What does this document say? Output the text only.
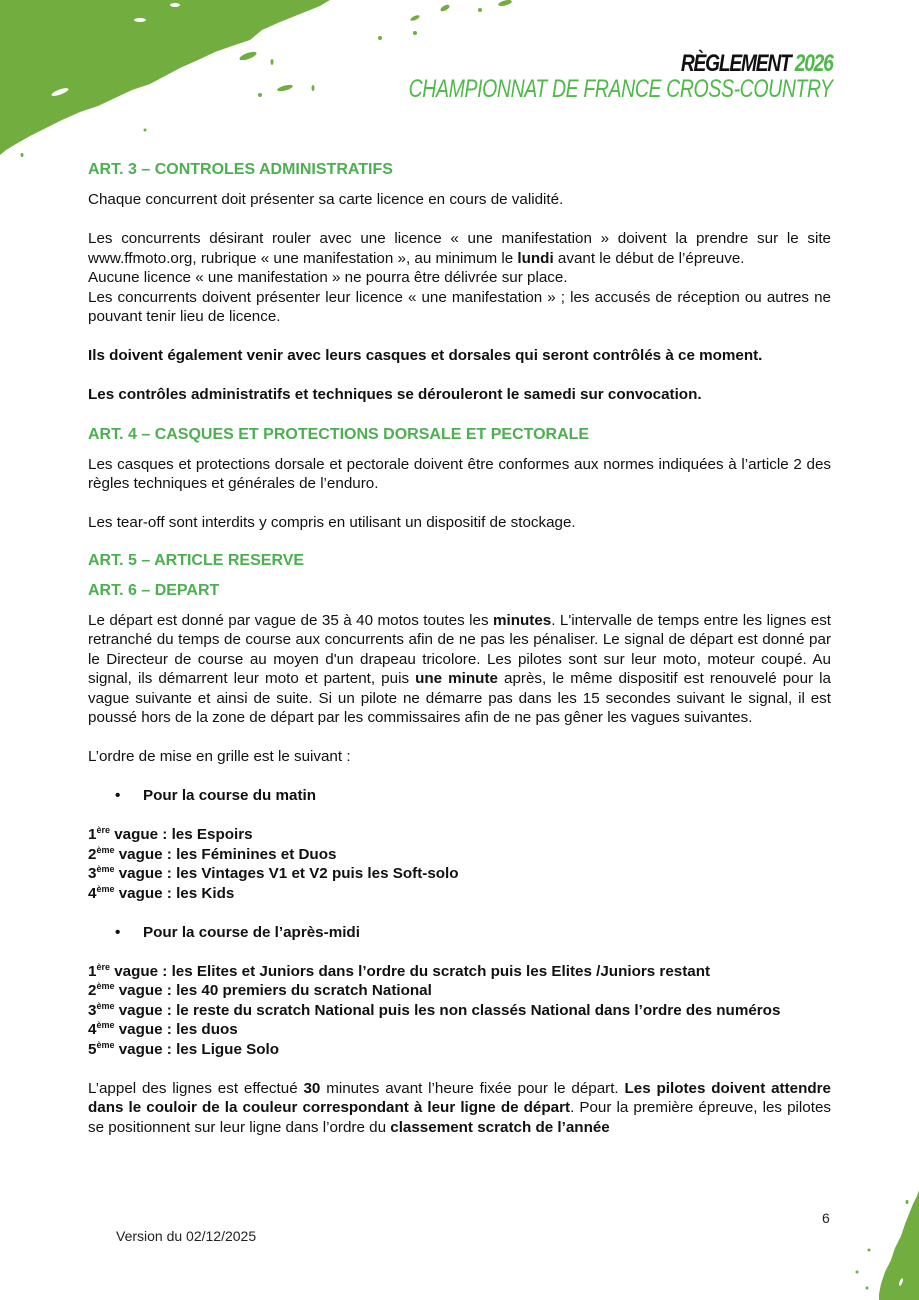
RÈGLEMENT 2026
CHAMPIONNAT DE FRANCE CROSS-COUNTRY
ART. 3 – CONTROLES ADMINISTRATIFS

Chaque concurrent doit présenter sa carte licence en cours de validité.

Les concurrents désirant rouler avec une licence « une manifestation » doivent la prendre sur le site www.ffmoto.org, rubrique « une manifestation », au minimum le lundi avant le début de l’épreuve.

Aucune licence « une manifestation » ne pourra être délivrée sur place.

Les concurrents doivent présenter leur licence « une manifestation » ; les accusés de réception ou autres ne pouvant tenir lieu de licence.

Ils doivent également venir avec leurs casques et dorsales qui seront contrôlés à ce moment.

Les contrôles administratifs et techniques se dérouleront le samedi sur convocation.

ART. 4 – CASQUES ET PROTECTIONS DORSALE ET PECTORALE

Les casques et protections dorsale et pectorale doivent être conformes aux normes indiquées à l’article 2 des règles techniques et générales de l’enduro.

Les tear-off sont interdits y compris en utilisant un dispositif de stockage.

ART. 5 – ARTICLE RESERVE
ART. 6 – DEPART

Le départ est donné par vague de 35 à 40 motos toutes les minutes. L'intervalle de temps entre les lignes est retranché du temps de course aux concurrents afin de ne pas les pénaliser. Le signal de départ est donné par le Directeur de course au moyen d'un drapeau tricolore. Les pilotes sont sur leur moto, moteur coupé. Au signal, ils démarrent leur moto et partent, puis une minute après, le même dispositif est renouvelé pour la vague suivante et ainsi de suite. Si un pilote ne démarre pas dans les 15 secondes suivant le signal, il est poussé hors de la zone de départ par les commissaires afin de ne pas gêner les vagues suivantes.

L’ordre de mise en grille est le suivant :

•	Pour la course du matin
1ère vague : les Espoirs
2ème vague : les Féminines et Duos
3ème vague : les Vintages V1 et V2 puis les Soft-solo
4ème vague : les Kids
•	Pour la course de l’après-midi
1ère vague : les Elites et Juniors dans l’ordre du scratch puis les Elites /Juniors restant
2ème vague : les 40 premiers du scratch National
3ème vague : le reste du scratch National puis les non classés National dans l’ordre des numéros
4ème vague : les duos
5ème vague : les Ligue Solo

L’appel des lignes est effectué 30 minutes avant l’heure fixée pour le départ. Les pilotes doivent attendre dans le couloir de la couleur correspondant à leur ligne de départ. Pour la première épreuve, les pilotes se positionnent sur leur ligne dans l’ordre du classement scratch de l’année

Version du 02/12/2025
6
